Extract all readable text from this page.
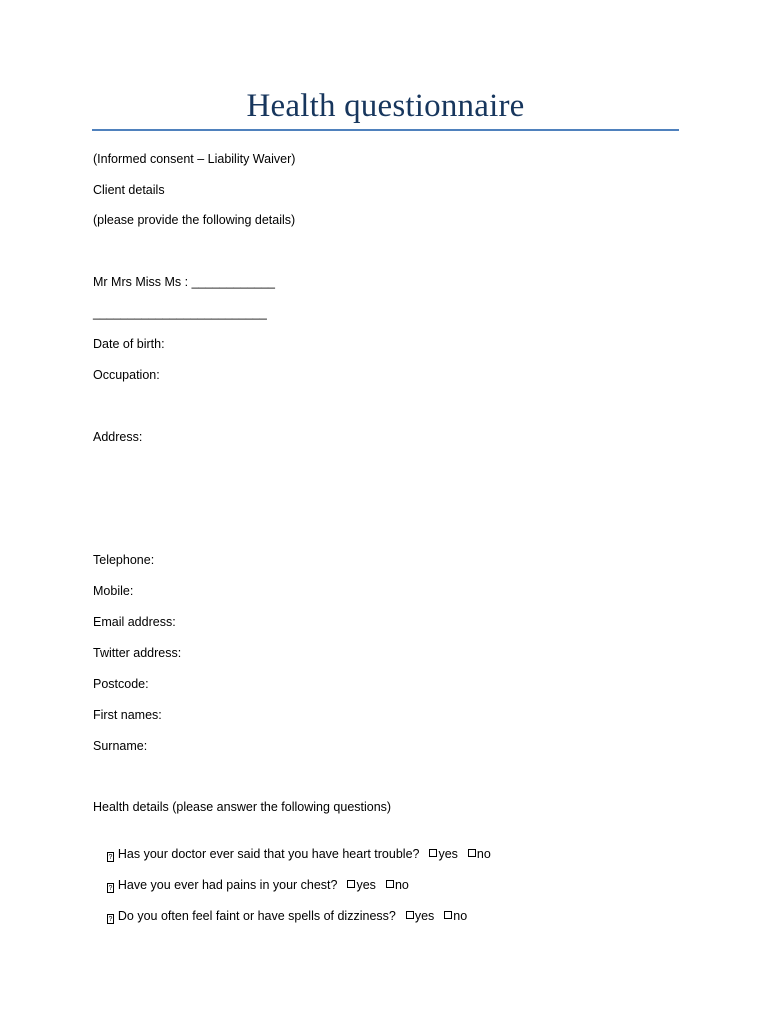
Health questionnaire
(Informed consent – Liability Waiver)
Client details
(please provide the following details)
Mr Mrs Miss Ms : ____________
_________________________
Date of birth:
Occupation:
Address:
Telephone:
Mobile:
Email address:
Twitter address:
Postcode:
First names:
Surname:
Health details (please answer the following questions)

? Has your doctor ever said that you have heart trouble? yes no

? Have you ever had pains in your chest? yes no

? Do you often feel faint or have spells of dizziness? yes no
